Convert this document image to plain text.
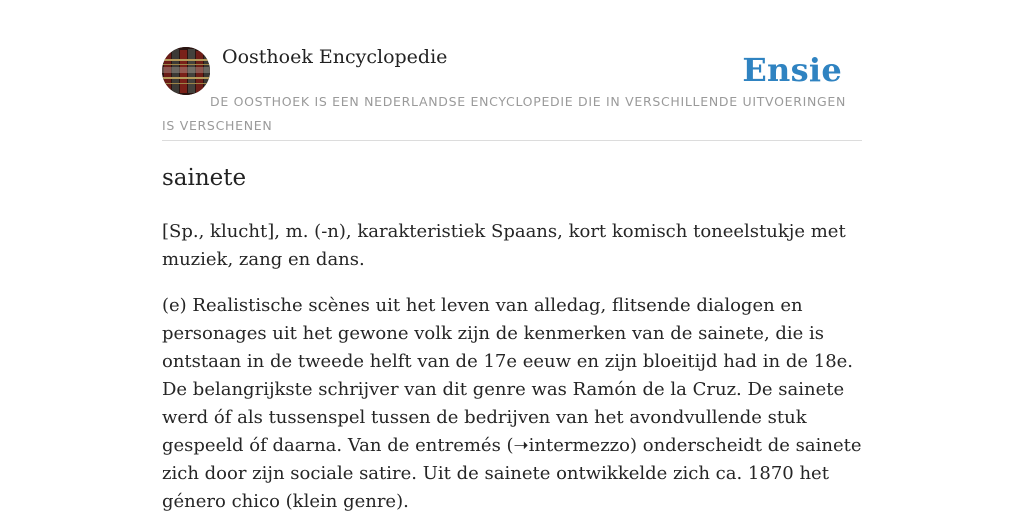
Oosthoek Encyclopedie	Ensie
DE OOSTHOEK IS EEN NEDERLANDSE ENCYCLOPEDIE DIE IN VERSCHILLENDE UITVOERINGEN IS VERSCHENEN
sainete

[Sp., klucht], m. (-n), karakteristiek Spaans, kort komisch toneelstukje met muziek, zang en dans.

(e) Realistische scènes uit het leven van alledag, flitsende dialogen en personages uit het gewone volk zijn de kenmerken van de sainete, die is ontstaan in de tweede helft van de 17e eeuw en zijn bloeitijd had in de 18e. De belangrijkste schrijver van dit genre was Ramón de la Cruz. De sainete werd óf als tussenspel tussen de bedrijven van het avondvullende stuk gespeeld óf daarna. Van de entremés (➝intermezzo) onderscheidt de sainete zich door zijn sociale satire. Uit de sainete ontwikkelde zich ca. 1870 het género chico (klein genre).
